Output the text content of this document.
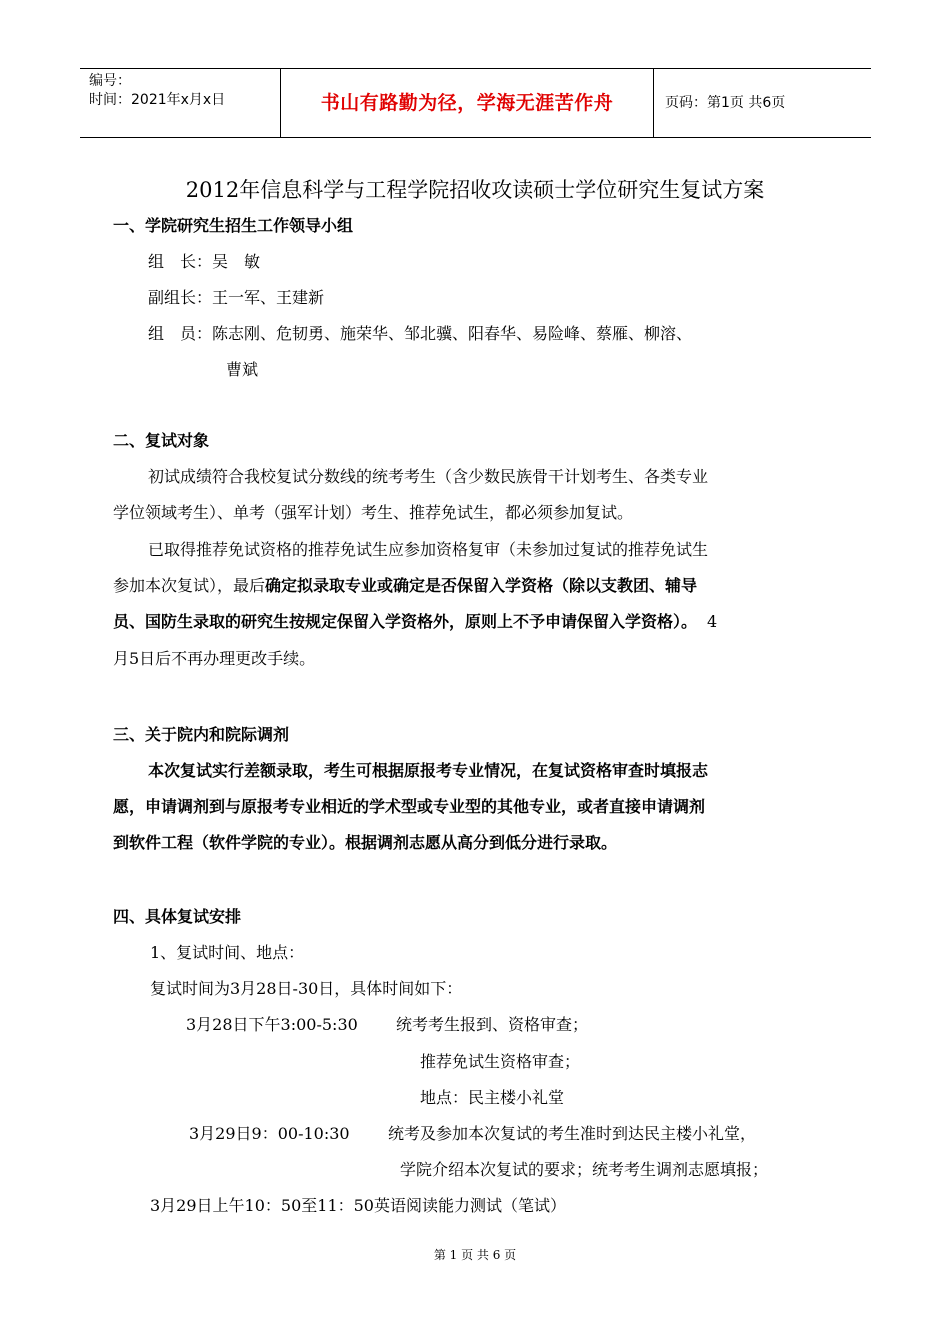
编号：
时间：2021年x月x日	书山有路勤为径，学海无涯苦作舟	页码：第1页 共6页
2012年信息科学与工程学院招收攻读硕士学位研究生复试方案
一、学院研究生招生工作领导小组
组　长：吴　敏
副组长：王一军、王建新
组　员：陈志刚、危韧勇、施荣华、邹北骥、阳春华、易险峰、蔡雁、柳溶、
曹斌
二、复试对象
初试成绩符合我校复试分数线的统考考生（含少数民族骨干计划考生、各类专业
学位领域考生）、单考（强军计划）考生、推荐免试生，都必须参加复试。
已取得推荐免试资格的推荐免试生应参加资格复审（未参加过复试的推荐免试生
参加本次复试），最后确定拟录取专业或确定是否保留入学资格（除以支教团、辅导
员、国防生录取的研究生按规定保留入学资格外，原则上不予申请保留入学资格）。 4
月5日后不再办理更改手续。
三、关于院内和院际调剂
本次复试实行差额录取，考生可根据原报考专业情况，在复试资格审查时填报志
愿，申请调剂到与原报考专业相近的学术型或专业型的其他专业，或者直接申请调剂
到软件工程（软件学院的专业）。根据调剂志愿从高分到低分进行录取。
四、具体复试安排
1、复试时间、地点：
复试时间为3月28日-30日，具体时间如下：
3月28日下午3:00-5:30 统考考生报到、资格审查；
推荐免试生资格审查；
地点：民主楼小礼堂
3月29日9：00-10:30 统考及参加本次复试的考生准时到达民主楼小礼堂，
学院介绍本次复试的要求；统考考生调剂志愿填报；
3月29日上午10：50至11：50英语阅读能力测试（笔试）
第 1 页 共 6 页
